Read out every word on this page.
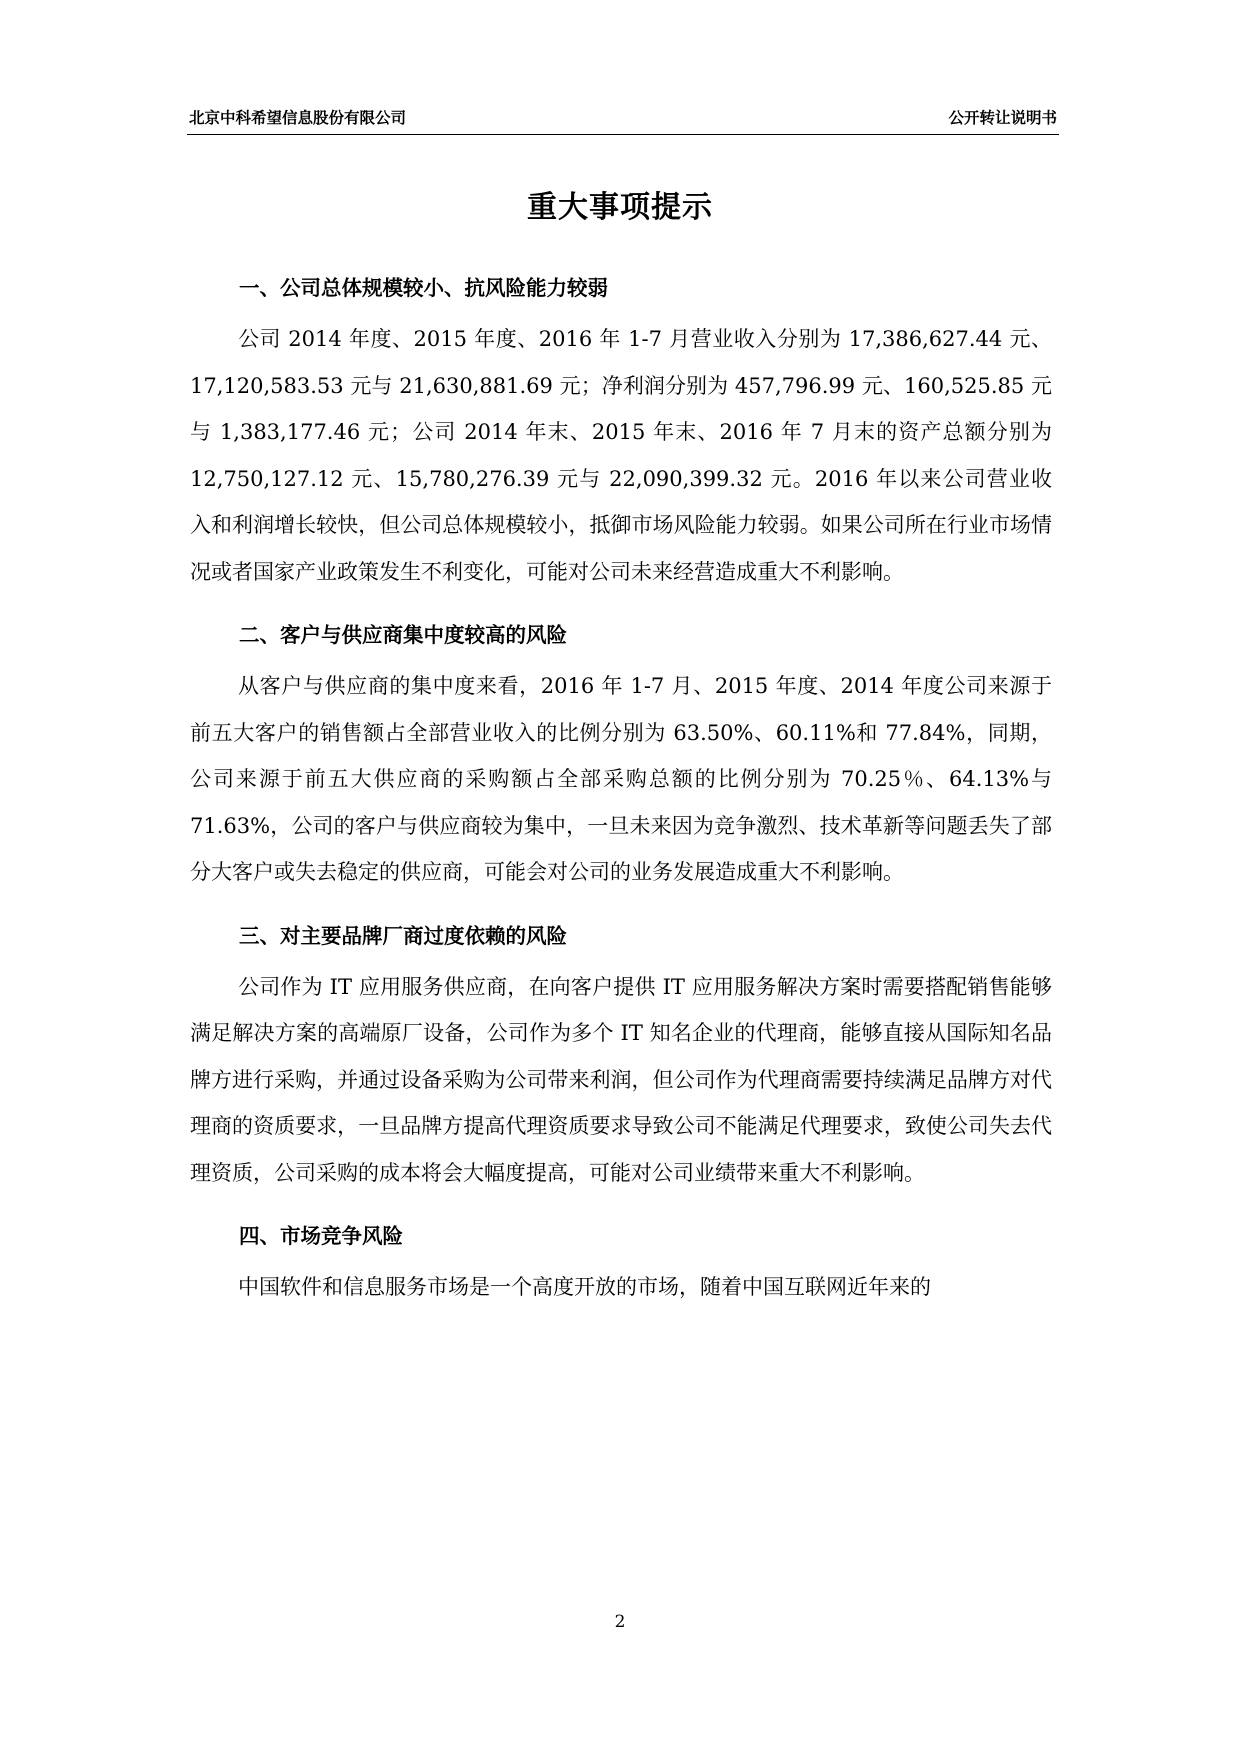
北京中科希望信息股份有限公司	公开转让说明书
重大事项提示

一、公司总体规模较小、抗风险能力较弱

公司 2014 年度、2015 年度、2016 年 1-7 月营业收入分别为 17,386,627.44 元、17,120,583.53 元与 21,630,881.69 元；净利润分别为 457,796.99 元、160,525.85 元与 1,383,177.46 元；公司 2014 年末、2015 年末、2016 年 7 月末的资产总额分别为 12,750,127.12 元、15,780,276.39 元与 22,090,399.32 元。2016 年以来公司营业收入和利润增长较快，但公司总体规模较小，抵御市场风险能力较弱。如果公司所在行业市场情况或者国家产业政策发生不利变化，可能对公司未来经营造成重大不利影响。

二、客户与供应商集中度较高的风险

从客户与供应商的集中度来看，2016 年 1-7 月、2015 年度、2014 年度公司来源于前五大客户的销售额占全部营业收入的比例分别为 63.50%、60.11%和 77.84%，同期，公司来源于前五大供应商的采购额占全部采购总额的比例分别为 70.25％、64.13%与 71.63%，公司的客户与供应商较为集中，一旦未来因为竞争激烈、技术革新等问题丢失了部分大客户或失去稳定的供应商，可能会对公司的业务发展造成重大不利影响。

三、对主要品牌厂商过度依赖的风险

公司作为 IT 应用服务供应商，在向客户提供 IT 应用服务解决方案时需要搭配销售能够满足解决方案的高端原厂设备，公司作为多个 IT 知名企业的代理商，能够直接从国际知名品牌方进行采购，并通过设备采购为公司带来利润，但公司作为代理商需要持续满足品牌方对代理商的资质要求，一旦品牌方提高代理资质要求导致公司不能满足代理要求，致使公司失去代理资质，公司采购的成本将会大幅度提高，可能对公司业绩带来重大不利影响。

四、市场竞争风险

中国软件和信息服务市场是一个高度开放的市场，随着中国互联网近年来的

2
